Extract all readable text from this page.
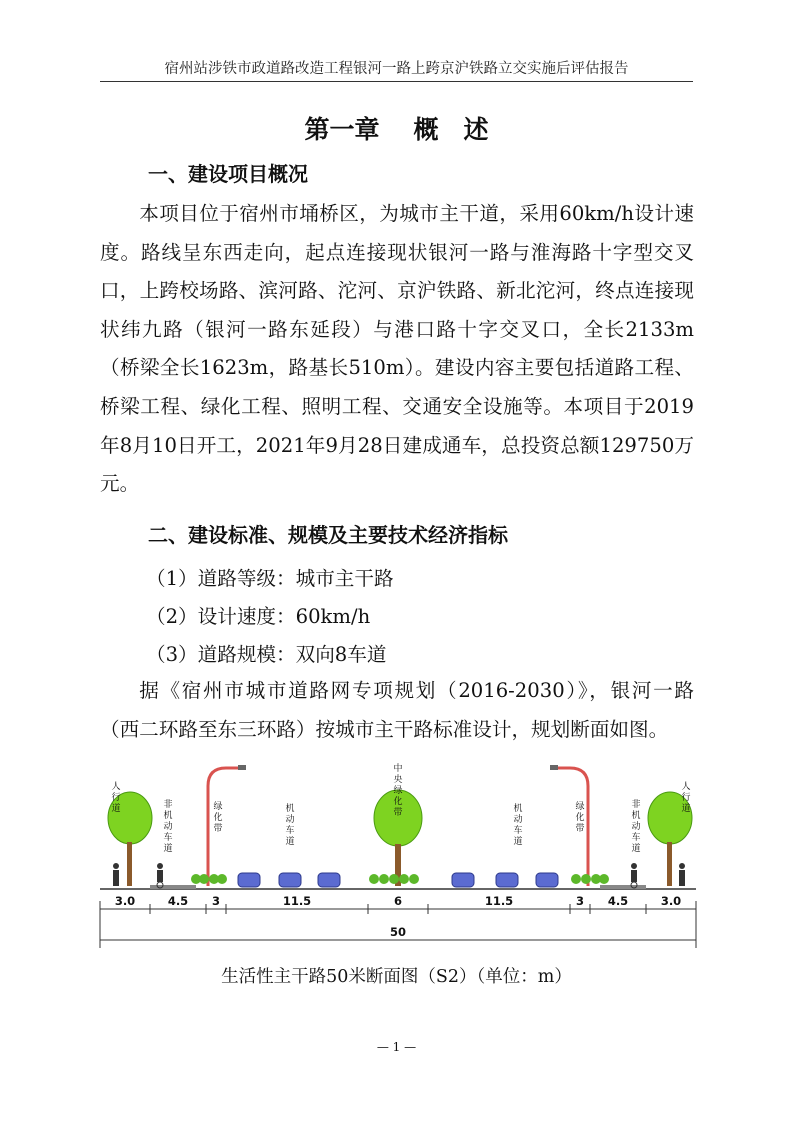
宿州站涉铁市政道路改造工程银河一路上跨京沪铁路立交实施后评估报告
第一章 概　述
一、建设项目概况

本项目位于宿州市埇桥区，为城市主干道，采用60km/h设计速度。路线呈东西走向，起点连接现状银河一路与淮海路十字型交叉口，上跨校场路、滨河路、沱河、京沪铁路、新北沱河，终点连接现状纬九路（银河一路东延段）与港口路十字交叉口，全长2133m（桥梁全长1623m，路基长510m）。建设内容主要包括道路工程、桥梁工程、绿化工程、照明工程、交通安全设施等。本项目于2019年8月10日开工，2021年9月28日建成通车，总投资总额129750万元。

二、建设标准、规模及主要技术经济指标
（1）道路等级：城市主干路
（2）设计速度：60km/h
（3）道路规模：双向8车道

据《宿州市城市道路网专项规划（2016-2030）》，银河一路（西二环路至东三环路）按城市主干路标准设计，规划断面如图。

人行道	非机动车道
绿化带
机动车道
中央绿化带	机动车道
绿化带
非机动车道
人行道
3.0	4.5 3	11.5	6	11.5	3 4.5	3.0
50
生活性主干路50米断面图（S2）（单位：m）
— 1 —
